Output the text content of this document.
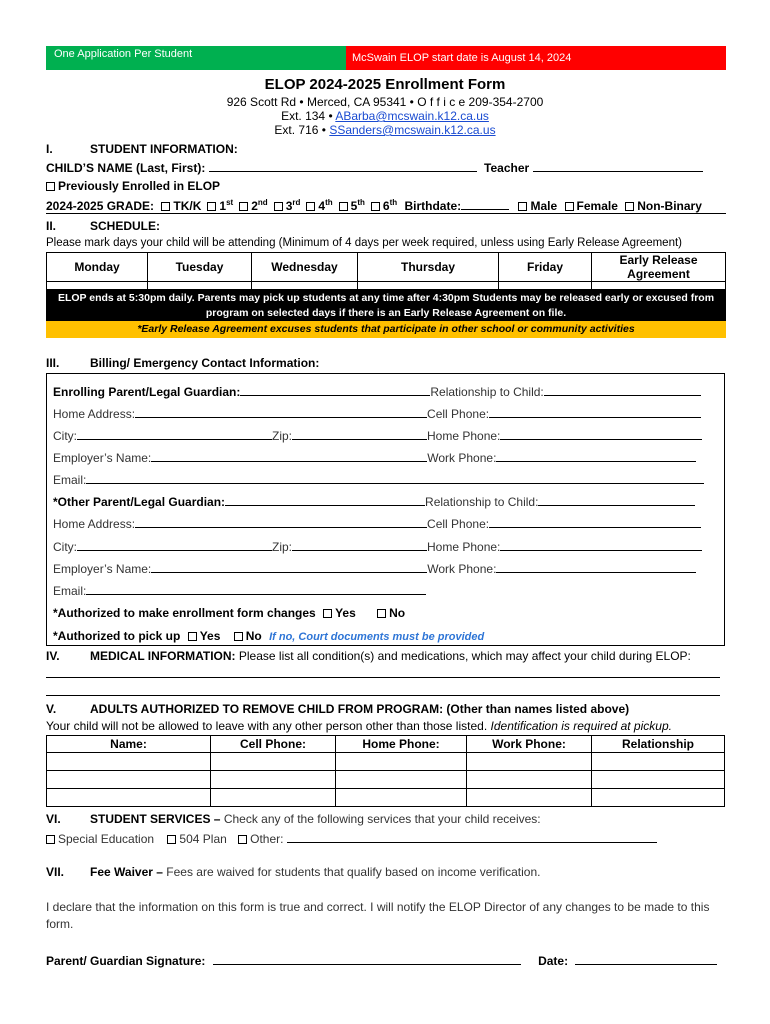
One Application Per Student	McSwain ELOP start date is August 14, 2024
ELOP 2024-2025 Enrollment Form
926 Scott Rd • Merced, CA 95341 • O f f i c e 209-354-2700
Ext. 134 • ABarba@mcswain.k12.ca.us
Ext. 716 • SSanders@mcswain.k12.ca.us
I.	STUDENT INFORMATION:
CHILD’S NAME (Last, First):	Teacher
Previously Enrolled in ELOP
2024-2025 GRADE: TK/K 1st 2nd 3rd 4th 5th 6th Birthdate:	Male Female Non-Binary
II.	SCHEDULE:
Please mark days your child will be attending (Minimum of 4 days per week required, unless using Early Release Agreement)
Monday	Tuesday	Wednesday	Thursday	Friday	Early Release Agreement

ELOP ends at 5:30pm daily. Parents may pick up students at any time after 4:30pm Students may be released early or excused from program on selected days if there is an Early Release Agreement on file.
*Early Release Agreement excuses students that participate in other school or community activities
III.	Billing/ Emergency Contact Information:
Enrolling Parent/Legal Guardian:	Relationship to Child:
Home Address:	Cell Phone:
City:	Zip:	Home Phone:
Employer’s Name:	Work Phone:
Email:
*Other Parent/Legal Guardian:	Relationship to Child:
Home Address:	Cell Phone:
City:	Zip:	Home Phone:
Employer’s Name:	Work Phone:
Email:
*Authorized to make enrollment form changes Yes	No
*Authorized to pick up Yes No If no, Court documents must be provided
IV.	MEDICAL INFORMATION: Please list all condition(s) and medications, which may affect your child during ELOP:
V.	ADULTS AUTHORIZED TO REMOVE CHILD FROM PROGRAM: (Other than names listed above)
Your child will not be allowed to leave with any other person other than those listed. Identification is required at pickup.
Name:	Cell Phone:	Home Phone:	Work Phone:	Relationship

VI. STUDENT SERVICES – Check any of the following services that your child receives:
Special Education 504 Plan Other:
VII. Fee Waiver – Fees are waived for students that qualify based on income verification.
I declare that the information on this form is true and correct. I will notify the ELOP Director of any changes to be made to this form.
Parent/ Guardian Signature:	Date:
